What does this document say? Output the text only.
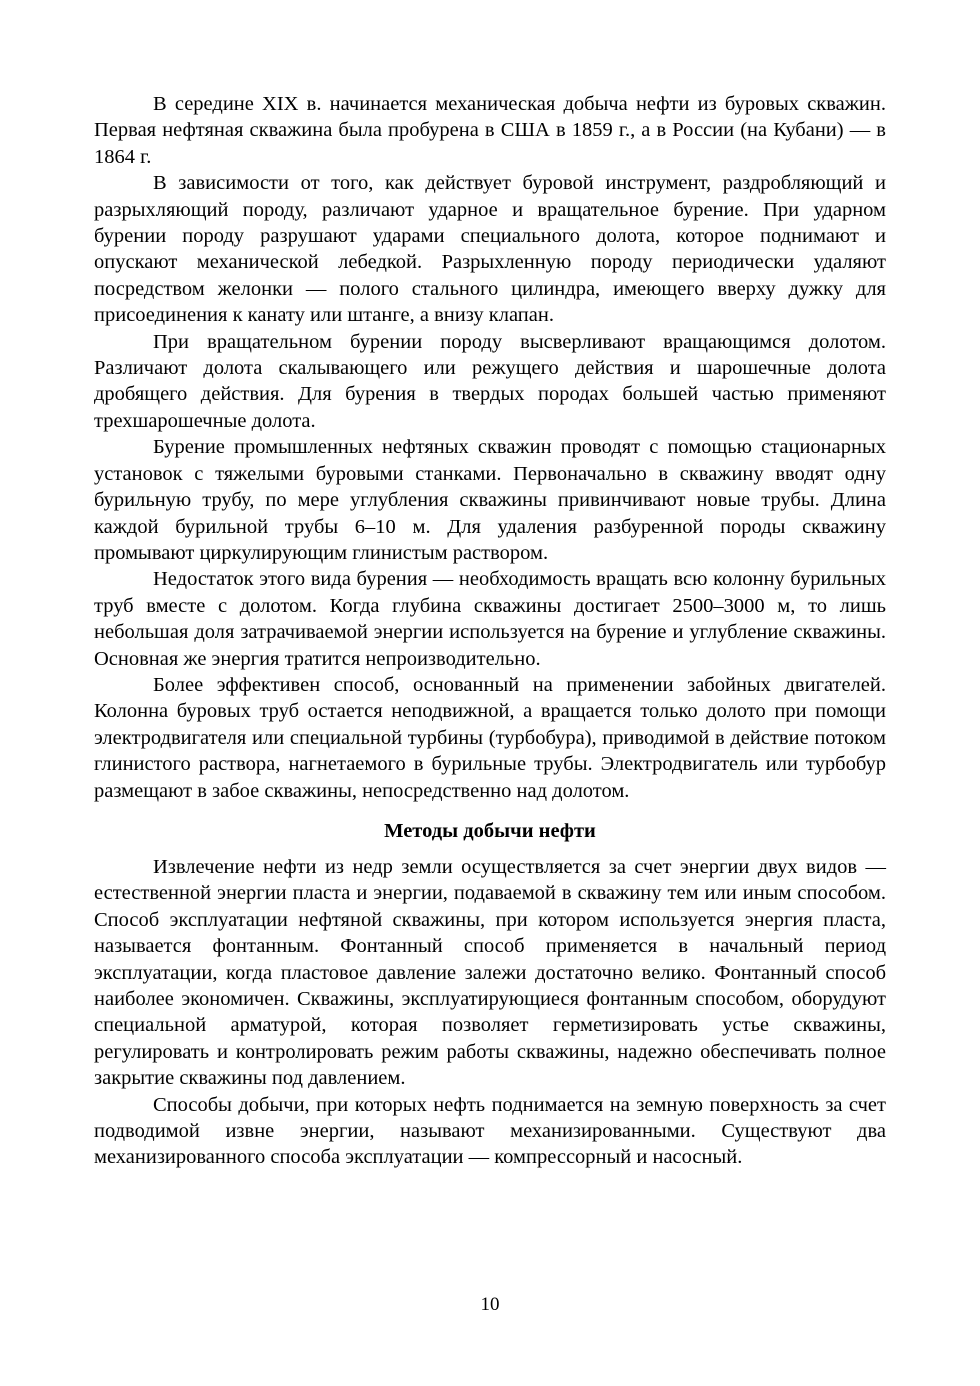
В середине XIX в. начинается механическая добыча нефти из буровых скважин. Первая нефтяная скважина была пробурена в США в 1859 г., а в России (на Кубани) — в 1864 г.

В зависимости от того, как действует буровой инструмент, раздробляющий и разрыхляющий породу, различают ударное и вращательное бурение. При ударном бурении породу разрушают ударами специального долота, которое поднимают и опускают механической лебедкой. Разрыхленную породу периодически удаляют посредством желонки — полого стального цилиндра, имеющего вверху дужку для присоединения к канату или штанге, а внизу клапан.

При вращательном бурении породу высверливают вращающимся долотом. Различают долота скалывающего или режущего действия и шарошечные долота дробящего действия. Для бурения в твердых породах большей частью применяют трехшарошечные долота.

Бурение промышленных нефтяных скважин проводят с помощью стационарных установок с тяжелыми буровыми станками. Первоначально в скважину вводят одну бурильную трубу, по мере углубления скважины привинчивают новые трубы. Длина каждой бурильной трубы 6–10 м. Для удаления разбуренной породы скважину промывают циркулирующим глинистым раствором.

Недостаток этого вида бурения — необходимость вращать всю колонну бурильных труб вместе с долотом. Когда глубина скважины достигает 2500–3000 м, то лишь небольшая доля затрачиваемой энергии используется на бурение и углубление скважины. Основная же энергия тратится непроизводительно.

Более эффективен способ, основанный на применении забойных двигателей. Колонна буровых труб остается неподвижной, а вращается только долото при помощи электродвигателя или специальной турбины (турбобура), приводимой в действие потоком глинистого раствора, нагнетаемого в бурильные трубы. Электродвигатель или турбобур размещают в забое скважины, непосредственно над долотом.

Методы добычи нефти

Извлечение нефти из недр земли осуществляется за счет энергии двух видов — естественной энергии пласта и энергии, подаваемой в скважину тем или иным способом. Способ эксплуатации нефтяной скважины, при котором используется энергия пласта, называется фонтанным. Фонтанный способ применяется в начальный период эксплуатации, когда пластовое давление залежи достаточно велико. Фонтанный способ наиболее экономичен. Скважины, эксплуатирующиеся фонтанным способом, оборудуют специальной арматурой, которая позволяет герметизировать устье скважины, регулировать и контролировать режим работы скважины, надежно обеспечивать полное закрытие скважины под давлением.

Способы добычи, при которых нефть поднимается на земную поверхность за счет подводимой извне энергии, называют механизированными. Существуют два механизированного способа эксплуатации — компрессорный и насосный.

10
